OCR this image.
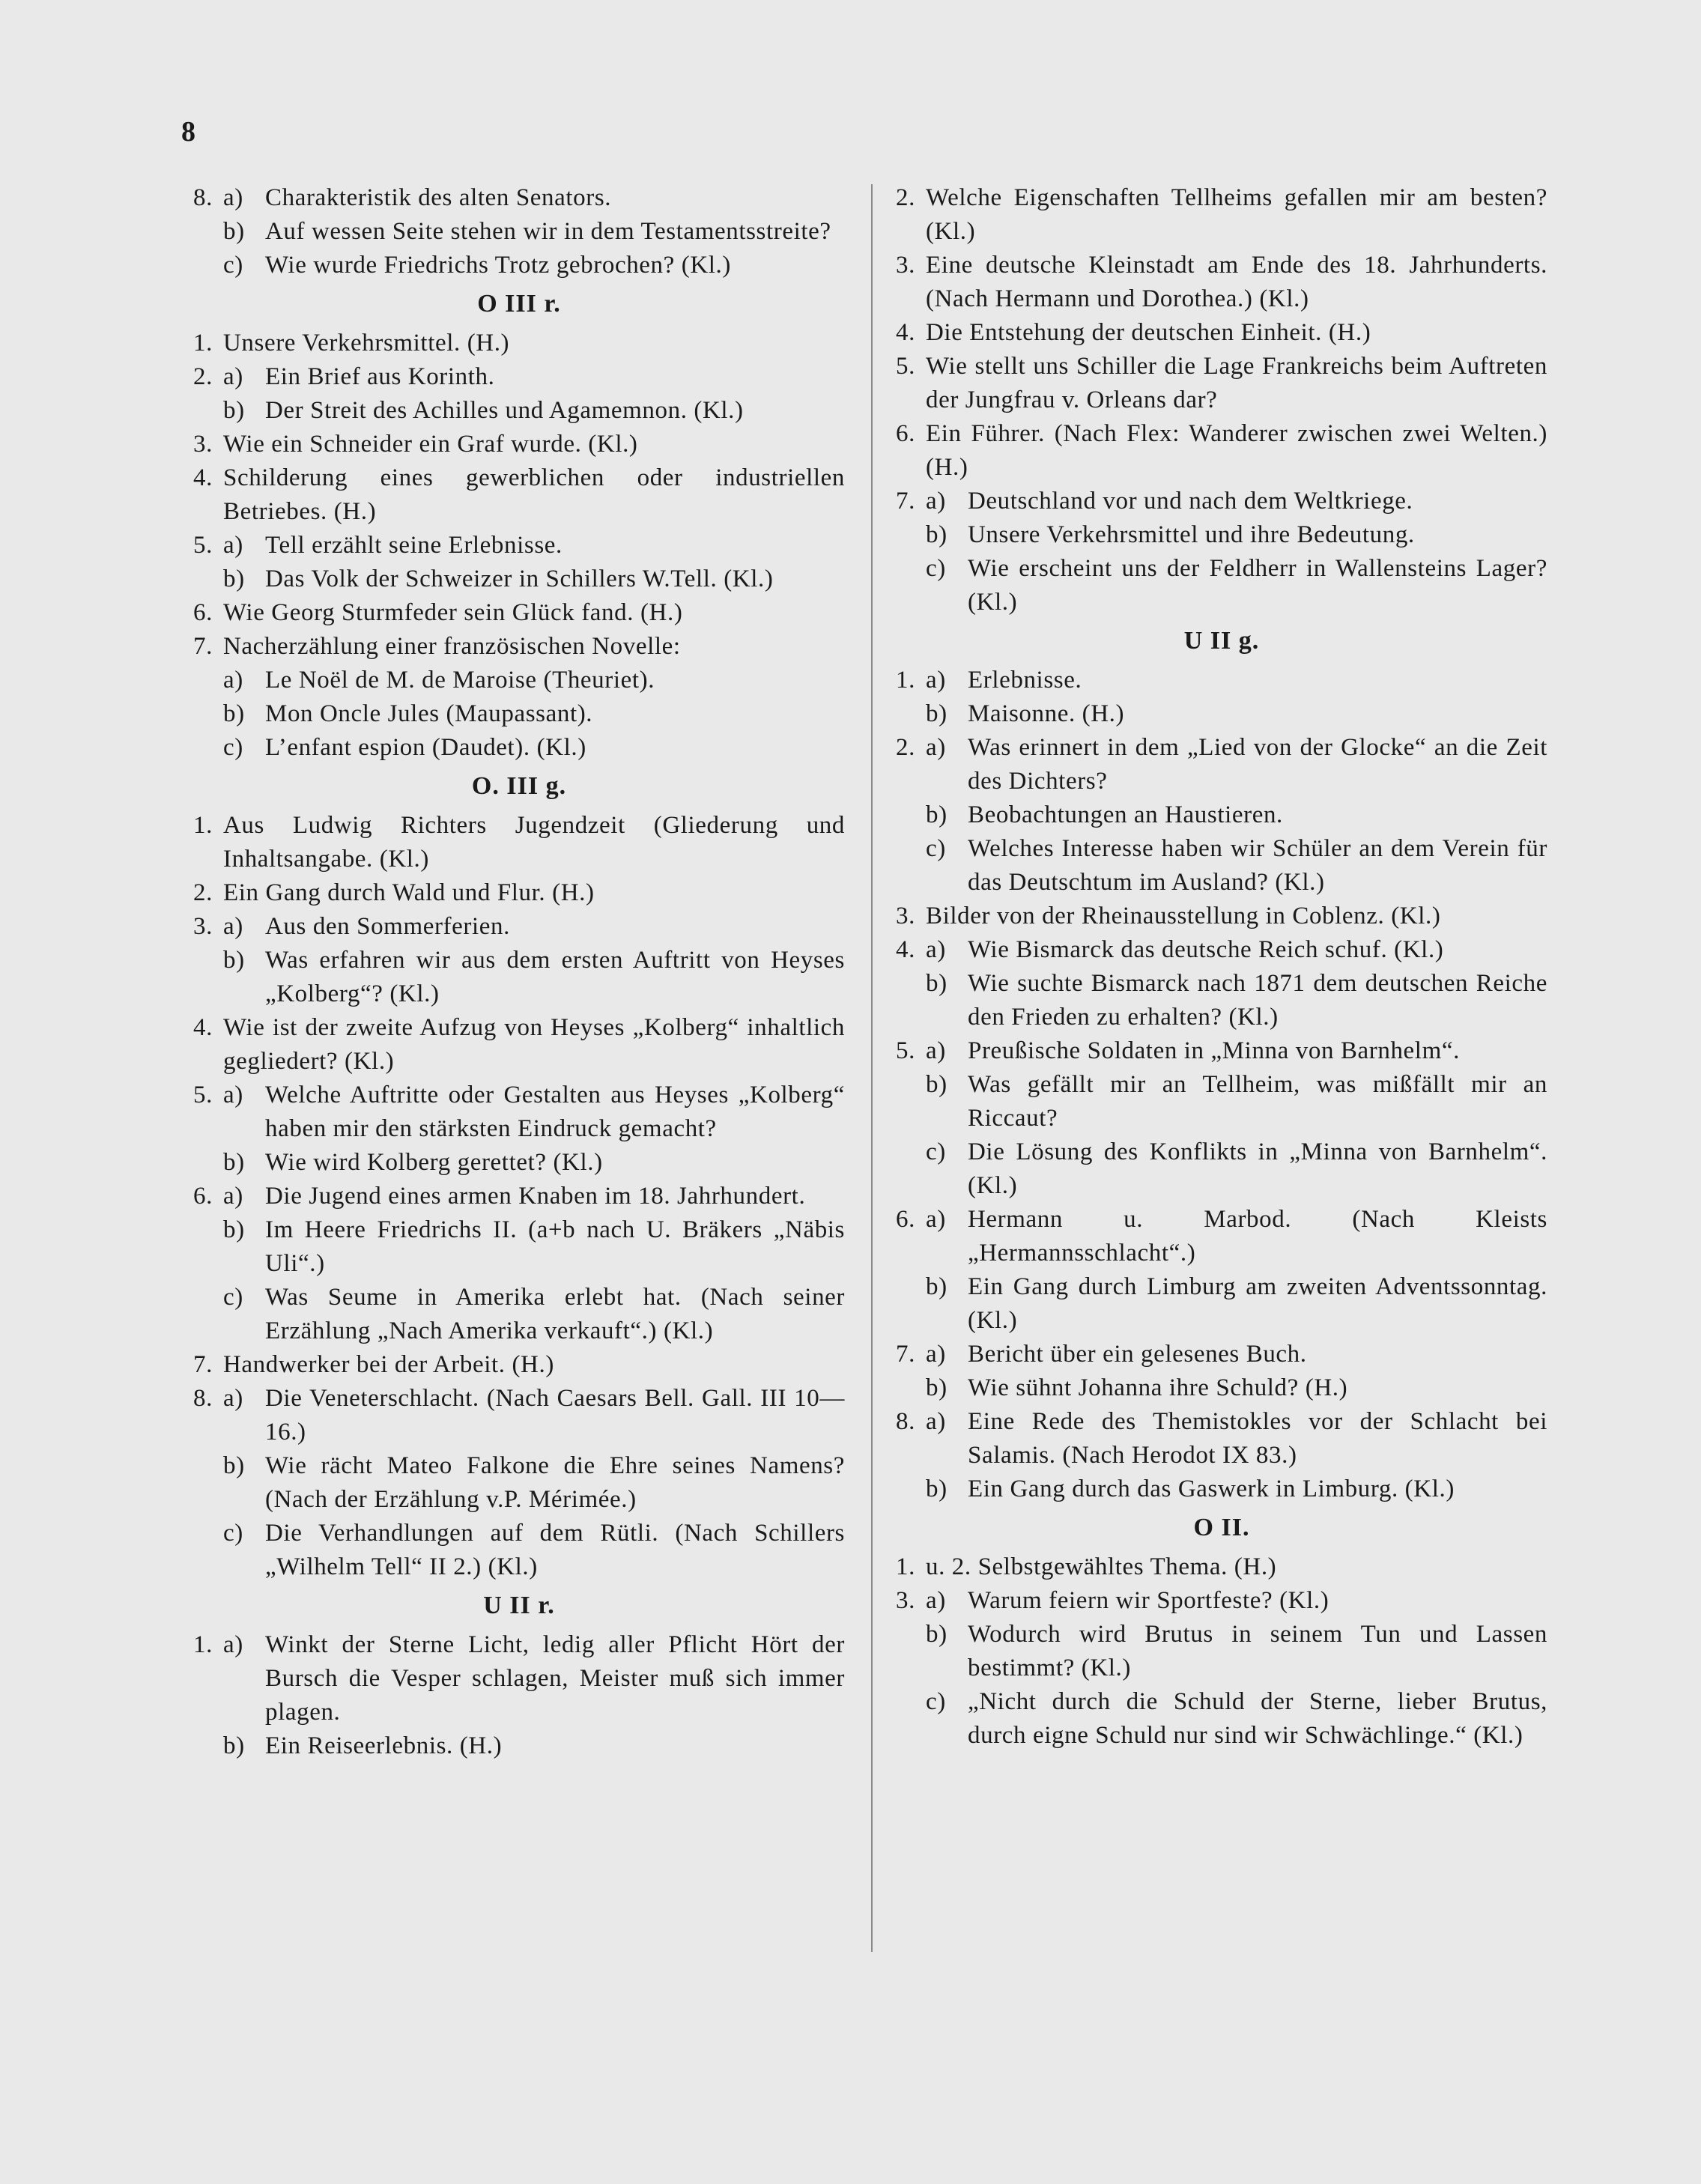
8
8. a) Charakteristik des alten Senators.
b) Auf wessen Seite stehen wir in dem Testamentsstreite?
c) Wie wurde Friedrichs Trotz gebrochen? (Kl.)
O III r.
1. Unsere Verkehrsmittel. (H.)
2. a) Ein Brief aus Korinth.
b) Der Streit des Achilles und Agamemnon. (Kl.)
3. Wie ein Schneider ein Graf wurde. (Kl.)
4. Schilderung eines gewerblichen oder industriellen Betriebes. (H.)
5. a) Tell erzählt seine Erlebnisse.
b) Das Volk der Schweizer in Schillers W.Tell. (Kl.)
6. Wie Georg Sturmfeder sein Glück fand. (H.)
7. Nacherzählung einer französischen Novelle:
a) Le Noël de M. de Maroise (Theuriet).
b) Mon Oncle Jules (Maupassant).
c) L’enfant espion (Daudet). (Kl.)
O. III g.
1. Aus Ludwig Richters Jugendzeit (Gliederung und Inhaltsangabe. (Kl.)
2. Ein Gang durch Wald und Flur. (H.)
3. a) Aus den Sommerferien.
b) Was erfahren wir aus dem ersten Auftritt von Heyses „Kolberg“? (Kl.)
4. Wie ist der zweite Aufzug von Heyses „Kolberg“ inhaltlich gegliedert? (Kl.)
5. a) Welche Auftritte oder Gestalten aus Heyses „Kolberg“ haben mir den stärksten Eindruck gemacht?
b) Wie wird Kolberg gerettet? (Kl.)
6. a) Die Jugend eines armen Knaben im 18. Jahrhundert.
b) Im Heere Friedrichs II. (a+b nach U. Bräkers „Näbis Uli“.)
c) Was Seume in Amerika erlebt hat. (Nach seiner Erzählung „Nach Amerika verkauft“.) (Kl.)
7. Handwerker bei der Arbeit. (H.)
8. a) Die Veneterschlacht. (Nach Caesars Bell. Gall. III 10—16.)
b) Wie rächt Mateo Falkone die Ehre seines Namens? (Nach der Erzählung v.P. Mérimée.)
c) Die Verhandlungen auf dem Rütli. (Nach Schillers „Wilhelm Tell“ II 2.) (Kl.)
U II r.
1. a) Winkt der Sterne Licht, ledig aller Pflicht Hört der Bursch die Vesper schlagen, Meister muß sich immer plagen.
b) Ein Reiseerlebnis. (H.)
2. Welche Eigenschaften Tellheims gefallen mir am besten? (Kl.)
3. Eine deutsche Kleinstadt am Ende des 18. Jahrhunderts. (Nach Hermann und Dorothea.) (Kl.)
4. Die Entstehung der deutschen Einheit. (H.)
5. Wie stellt uns Schiller die Lage Frankreichs beim Auftreten der Jungfrau v. Orleans dar?
6. Ein Führer. (Nach Flex: Wanderer zwischen zwei Welten.) (H.)
7. a) Deutschland vor und nach dem Weltkriege.
b) Unsere Verkehrsmittel und ihre Bedeutung.
c) Wie erscheint uns der Feldherr in Wallensteins Lager? (Kl.)
U II g.
1. a) Erlebnisse.
b) Maisonne. (H.)
2. a) Was erinnert in dem „Lied von der Glocke“ an die Zeit des Dichters?
b) Beobachtungen an Haustieren.
c) Welches Interesse haben wir Schüler an dem Verein für das Deutschtum im Ausland? (Kl.)
3. Bilder von der Rheinausstellung in Coblenz. (Kl.)
4. a) Wie Bismarck das deutsche Reich schuf. (Kl.)
b) Wie suchte Bismarck nach 1871 dem deutschen Reiche den Frieden zu erhalten? (Kl.)
5. a) Preußische Soldaten in „Minna von Barnhelm“.
b) Was gefällt mir an Tellheim, was mißfällt mir an Riccaut?
c) Die Lösung des Konflikts in „Minna von Barnhelm“. (Kl.)
6. a) Hermann u. Marbod. (Nach Kleists „Hermannsschlacht“.)
b) Ein Gang durch Limburg am zweiten Adventssonntag. (Kl.)
7. a) Bericht über ein gelesenes Buch.
b) Wie sühnt Johanna ihre Schuld? (H.)
8. a) Eine Rede des Themistokles vor der Schlacht bei Salamis. (Nach Herodot IX 83.)
b) Ein Gang durch das Gaswerk in Limburg. (Kl.)
O II.
1. u. 2. Selbstgewähltes Thema. (H.)
3. a) Warum feiern wir Sportfeste? (Kl.)
b) Wodurch wird Brutus in seinem Tun und Lassen bestimmt? (Kl.)
c) „Nicht durch die Schuld der Sterne, lieber Brutus, durch eigne Schuld nur sind wir Schwächlinge.“ (Kl.)
